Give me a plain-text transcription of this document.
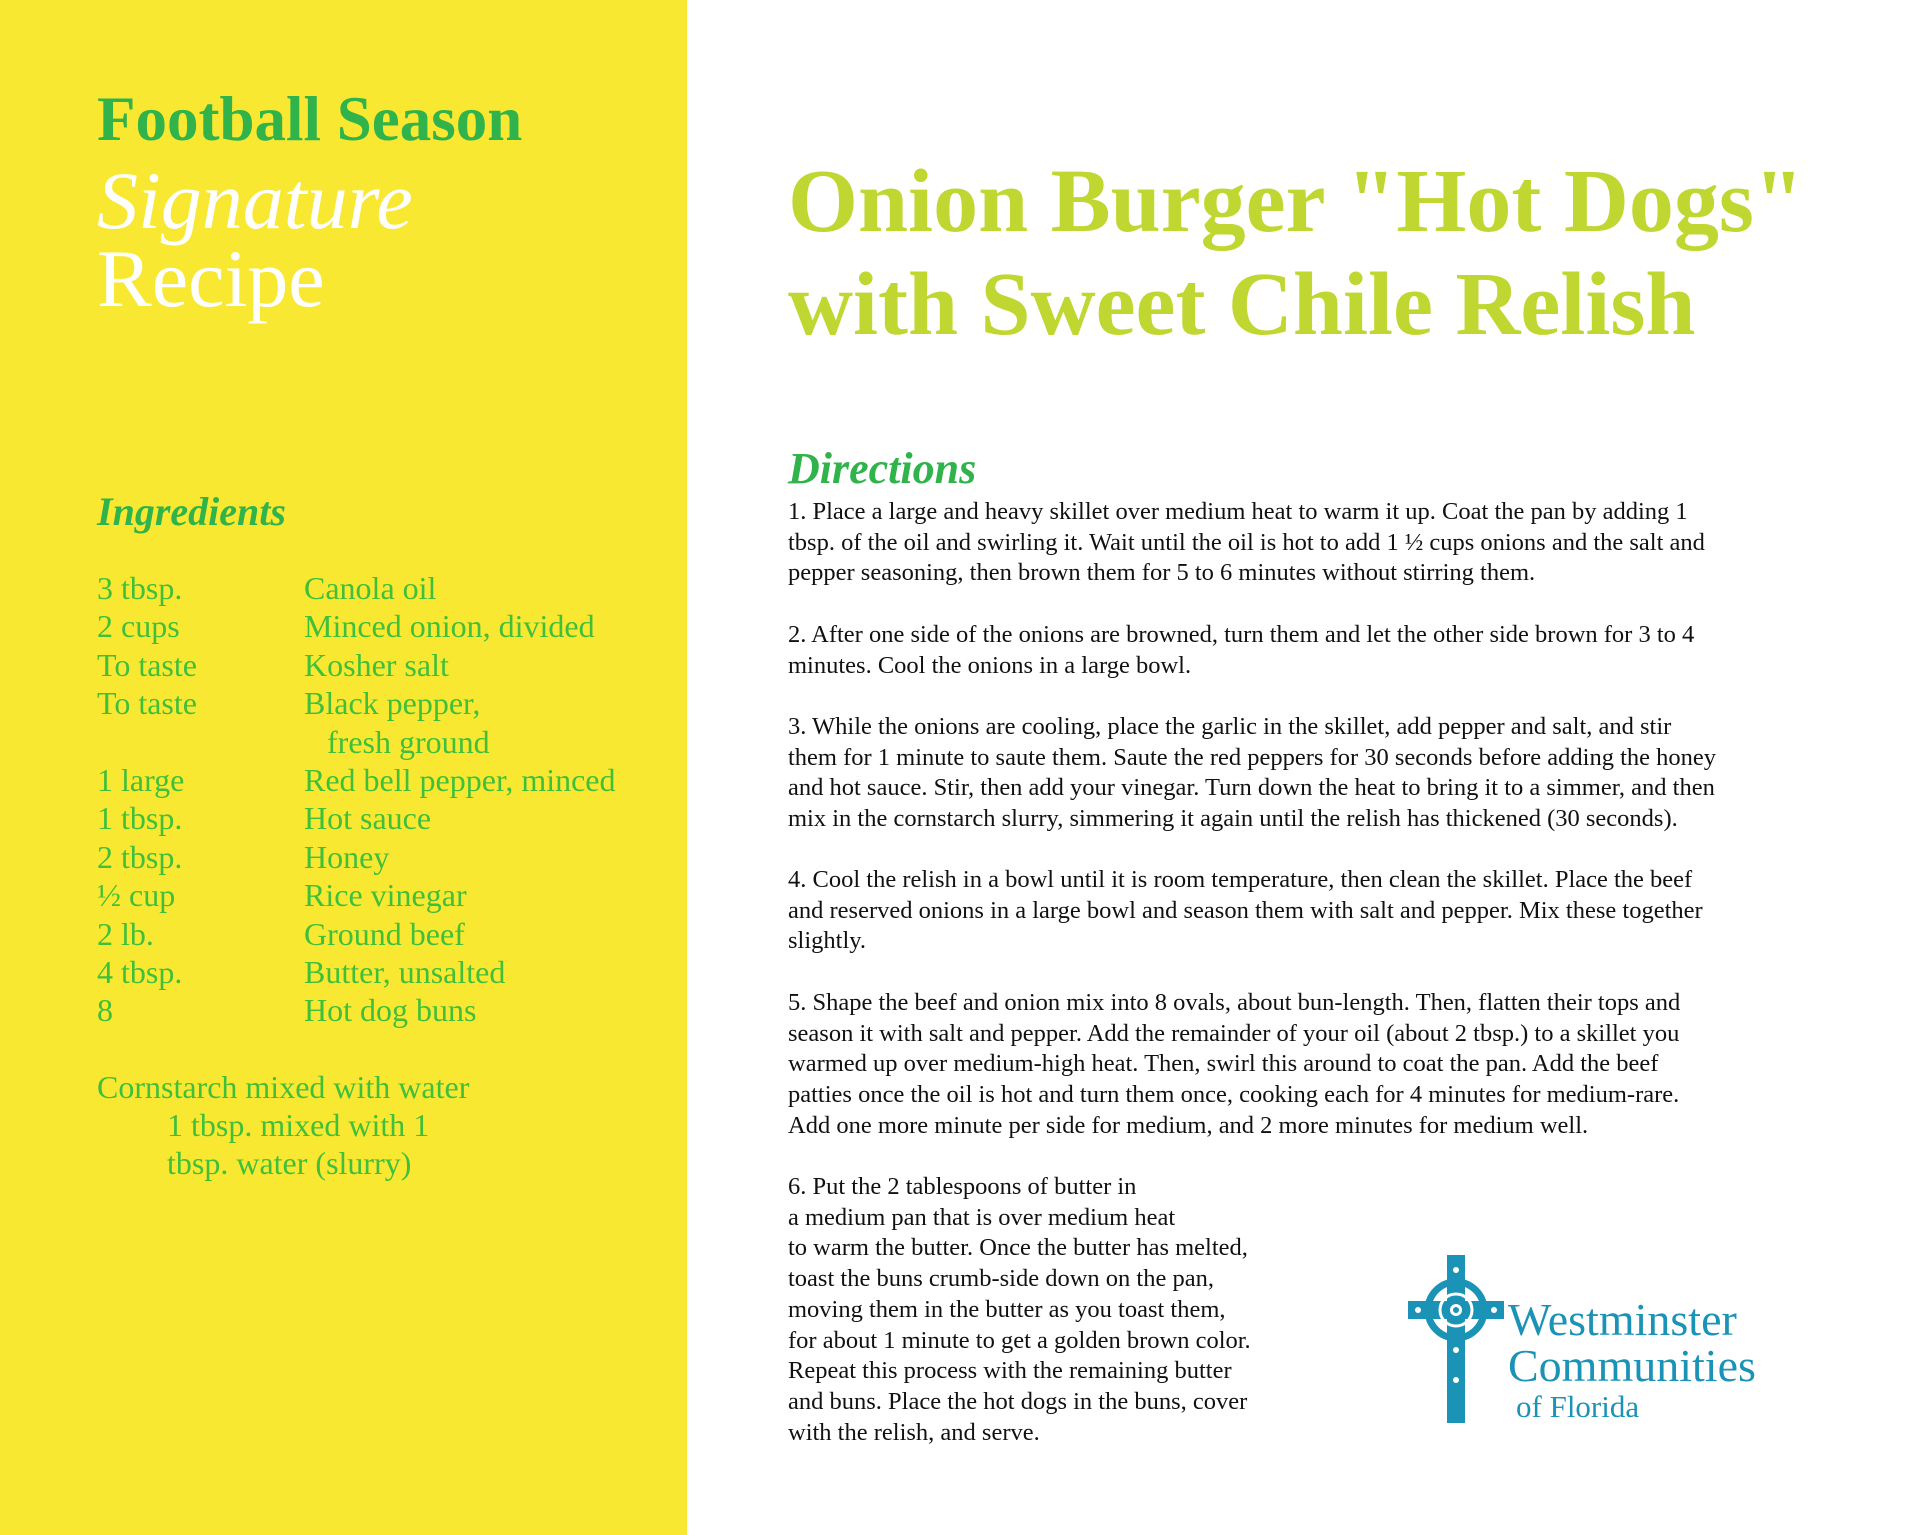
Football Season
Signature
Recipe
Ingredients
3 tbsp.	Canola oil
2 cups	Minced onion, divided
To taste	Kosher salt
To taste	Black pepper,
fresh ground
1 large	Red bell pepper, minced
1 tbsp.	Hot sauce
2 tbsp.	Honey
½ cup	Rice vinegar
2 lb.	Ground beef
4 tbsp.	Butter, unsalted
8	Hot dog buns
Cornstarch mixed with water
1 tbsp. mixed with 1
tbsp. water (slurry)
Onion Burger "Hot Dogs"
with Sweet Chile Relish
Directions

1. Place a large and heavy skillet over medium heat to warm it up. Coat the pan by adding 1
tbsp. of the oil and swirling it. Wait until the oil is hot to add 1 ½ cups onions and the salt and
pepper seasoning, then brown them for 5 to 6 minutes without stirring them.

2. After one side of the onions are browned, turn them and let the other side brown for 3 to 4
minutes. Cool the onions in a large bowl.

3. While the onions are cooling, place the garlic in the skillet, add pepper and salt, and stir
them for 1 minute to saute them. Saute the red peppers for 30 seconds before adding the honey
and hot sauce. Stir, then add your vinegar. Turn down the heat to bring it to a simmer, and then
mix in the cornstarch slurry, simmering it again until the relish has thickened (30 seconds).

4. Cool the relish in a bowl until it is room temperature, then clean the skillet. Place the beef
and reserved onions in a large bowl and season them with salt and pepper. Mix these together
slightly.

5. Shape the beef and onion mix into 8 ovals, about bun-length. Then, flatten their tops and
season it with salt and pepper. Add the remainder of your oil (about 2 tbsp.) to a skillet you
warmed up over medium-high heat. Then, swirl this around to coat the pan. Add the beef
patties once the oil is hot and turn them once, cooking each for 4 minutes for medium-rare.
Add one more minute per side for medium, and 2 more minutes for medium well.

6. Put the 2 tablespoons of butter in
a medium pan that is over medium heat
to warm the butter. Once the butter has melted,
toast the buns crumb-side down on the pan,
moving them in the butter as you toast them,
for about 1 minute to get a golden brown color.
Repeat this process with the remaining butter
and buns. Place the hot dogs in the buns, cover
with the relish, and serve.

Westminster
Communities
of Florida
